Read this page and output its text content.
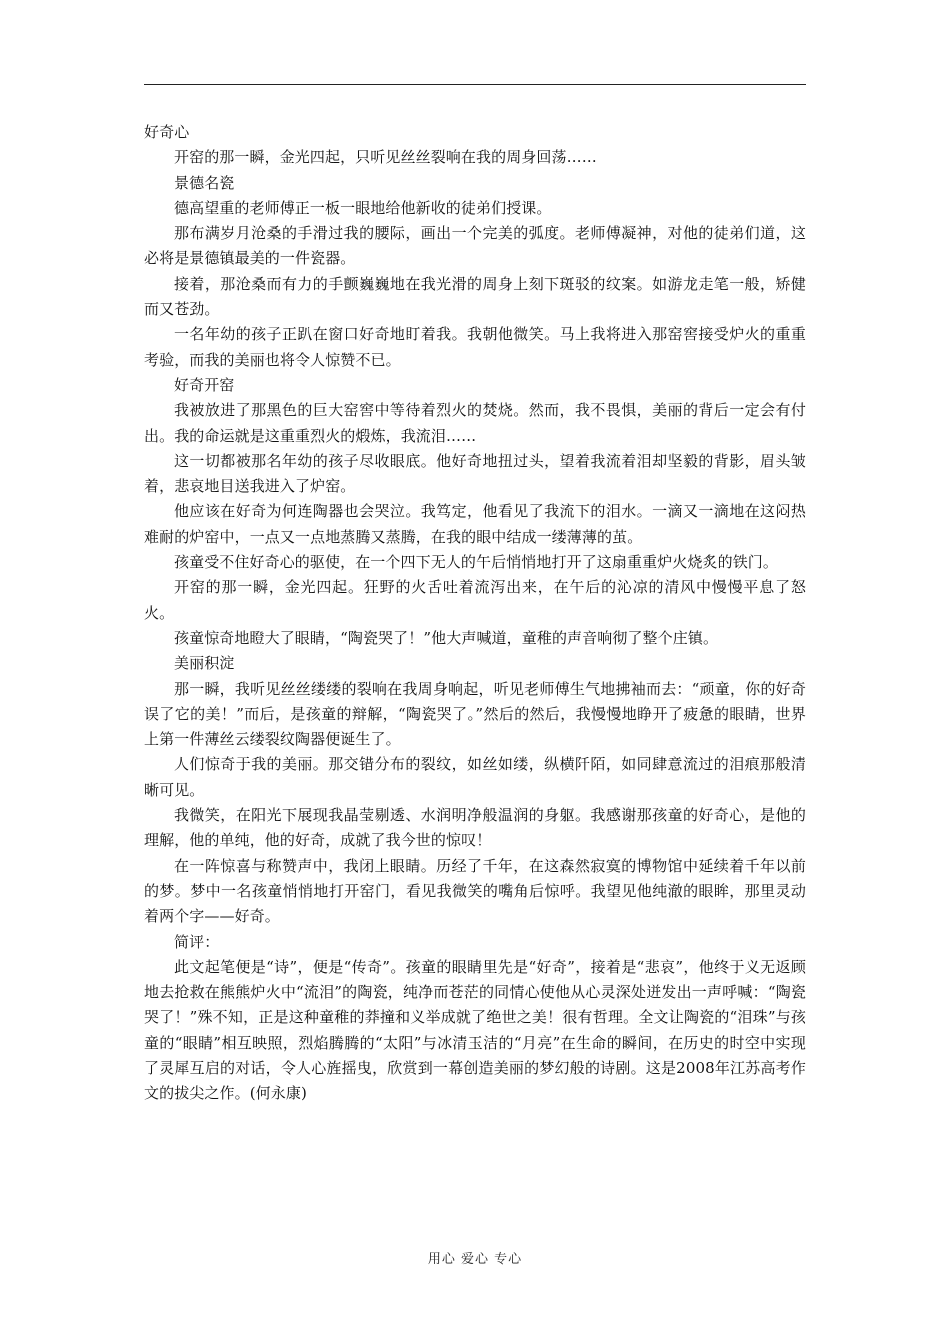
好奇心

开窑的那一瞬，金光四起，只听见丝丝裂响在我的周身回荡……

景德名瓷

德高望重的老师傅正一板一眼地给他新收的徒弟们授课。

那布满岁月沧桑的手滑过我的腰际，画出一个完美的弧度。老师傅凝神，对他的徒弟们道，这必将是景德镇最美的一件瓷器。

接着，那沧桑而有力的手颤巍巍地在我光滑的周身上刻下斑驳的纹案。如游龙走笔一般，矫健而又苍劲。

一名年幼的孩子正趴在窗口好奇地盯着我。我朝他微笑。马上我将进入那窑窖接受炉火的重重考验，而我的美丽也将令人惊赞不已。

好奇开窑

我被放进了那黑色的巨大窑窖中等待着烈火的焚烧。然而，我不畏惧，美丽的背后一定会有付出。我的命运就是这重重烈火的煅炼，我流泪……

这一切都被那名年幼的孩子尽收眼底。他好奇地扭过头，望着我流着泪却坚毅的背影，眉头皱着，悲哀地目送我进入了炉窑。

他应该在好奇为何连陶器也会哭泣。我笃定，他看见了我流下的泪水。一滴又一滴地在这闷热难耐的炉窑中，一点又一点地蒸腾又蒸腾，在我的眼中结成一缕薄薄的茧。

孩童受不住好奇心的驱使，在一个四下无人的午后悄悄地打开了这扇重重炉火烧炙的铁门。

开窑的那一瞬，金光四起。狂野的火舌吐着流泻出来，在午后的沁凉的清风中慢慢平息了怒火。

孩童惊奇地瞪大了眼睛，“陶瓷哭了！”他大声喊道，童稚的声音响彻了整个庄镇。

美丽积淀

那一瞬，我听见丝丝缕缕的裂响在我周身响起，听见老师傅生气地拂袖而去：“顽童，你的好奇误了它的美！”而后，是孩童的辩解，“陶瓷哭了。”然后的然后，我慢慢地睁开了疲惫的眼睛，世界上第一件薄丝云缕裂纹陶器便诞生了。

人们惊奇于我的美丽。那交错分布的裂纹，如丝如缕，纵横阡陌，如同肆意流过的泪痕那般清晰可见。

我微笑，在阳光下展现我晶莹剔透、水润明净般温润的身躯。我感谢那孩童的好奇心，是他的理解，他的单纯，他的好奇，成就了我今世的惊叹！

在一阵惊喜与称赞声中，我闭上眼睛。历经了千年，在这森然寂寞的博物馆中延续着千年以前的梦。梦中一名孩童悄悄地打开窑门，看见我微笑的嘴角后惊呼。我望见他纯澈的眼眸，那里灵动着两个字——好奇。

简评：

此文起笔便是“诗”，便是“传奇”。孩童的眼睛里先是“好奇”，接着是“悲哀”，他终于义无返顾地去抢救在熊熊炉火中“流泪”的陶瓷，纯净而苍茫的同情心使他从心灵深处迸发出一声呼喊：“陶瓷哭了！”殊不知，正是这种童稚的莽撞和义举成就了绝世之美！很有哲理。全文让陶瓷的“泪珠”与孩童的“眼睛”相互映照，烈焰腾腾的“太阳”与冰清玉洁的“月亮”在生命的瞬间，在历史的时空中实现了灵犀互启的对话，令人心旌摇曳，欣赏到一幕创造美丽的梦幻般的诗剧。这是2008年江苏高考作文的拔尖之作。(何永康)

用心 爱心 专心
